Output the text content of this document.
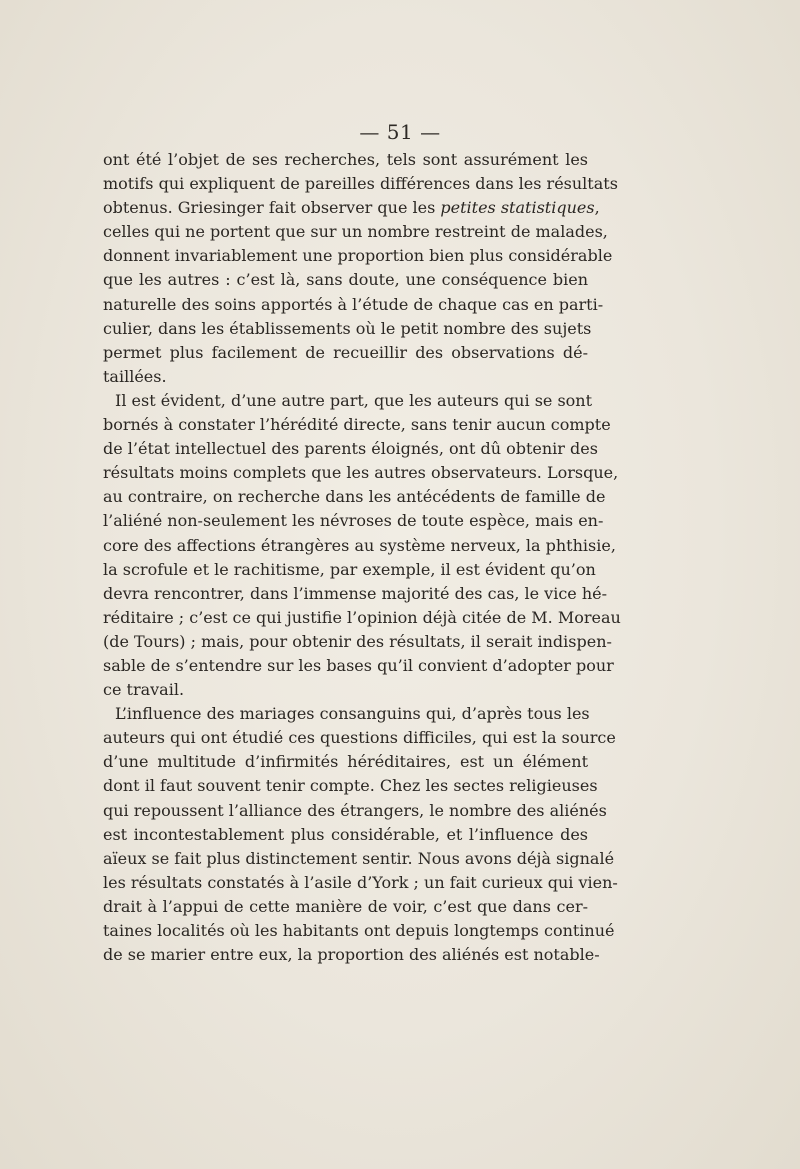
— 51 —
ont été l’objet de ses recherches, tels sont assurément les
motifs qui expliquent de pareilles différences dans les résultats
obtenus. Griesinger fait observer que les petites statistiques,
celles qui ne portent que sur un nombre restreint de malades,
donnent invariablement une proportion bien plus considérable
que les autres : c’est là, sans doute, une conséquence bien
naturelle des soins apportés à l’étude de chaque cas en parti-
culier, dans les établissements où le petit nombre des sujets
permet plus facilement de recueillir des observations dé-
taillées.
Il est évident, d’une autre part, que les auteurs qui se sont
bornés à constater l’hérédité directe, sans tenir aucun compte
de l’état intellectuel des parents éloignés, ont dû obtenir des
résultats moins complets que les autres observateurs. Lorsque,
au contraire, on recherche dans les antécédents de famille de
l’aliéné non-seulement les névroses de toute espèce, mais en-
core des affections étrangères au système nerveux, la phthisie,
la scrofule et le rachitisme, par exemple, il est évident qu’on
devra rencontrer, dans l’immense majorité des cas, le vice hé-
réditaire ; c’est ce qui justifie l’opinion déjà citée de M. Moreau
(de Tours) ; mais, pour obtenir des résultats, il serait indispen-
sable de s’entendre sur les bases qu’il convient d’adopter pour
ce travail.
L’influence des mariages consanguins qui, d’après tous les
auteurs qui ont étudié ces questions difficiles, qui est la source
d’une multitude d’infirmités héréditaires, est un élément
dont il faut souvent tenir compte. Chez les sectes religieuses
qui repoussent l’alliance des étrangers, le nombre des aliénés
est incontestablement plus considérable, et l’influence des
aïeux se fait plus distinctement sentir. Nous avons déjà signalé
les résultats constatés à l’asile d’York ; un fait curieux qui vien-
drait à l’appui de cette manière de voir, c’est que dans cer-
taines localités où les habitants ont depuis longtemps continué
de se marier entre eux, la proportion des aliénés est notable-
